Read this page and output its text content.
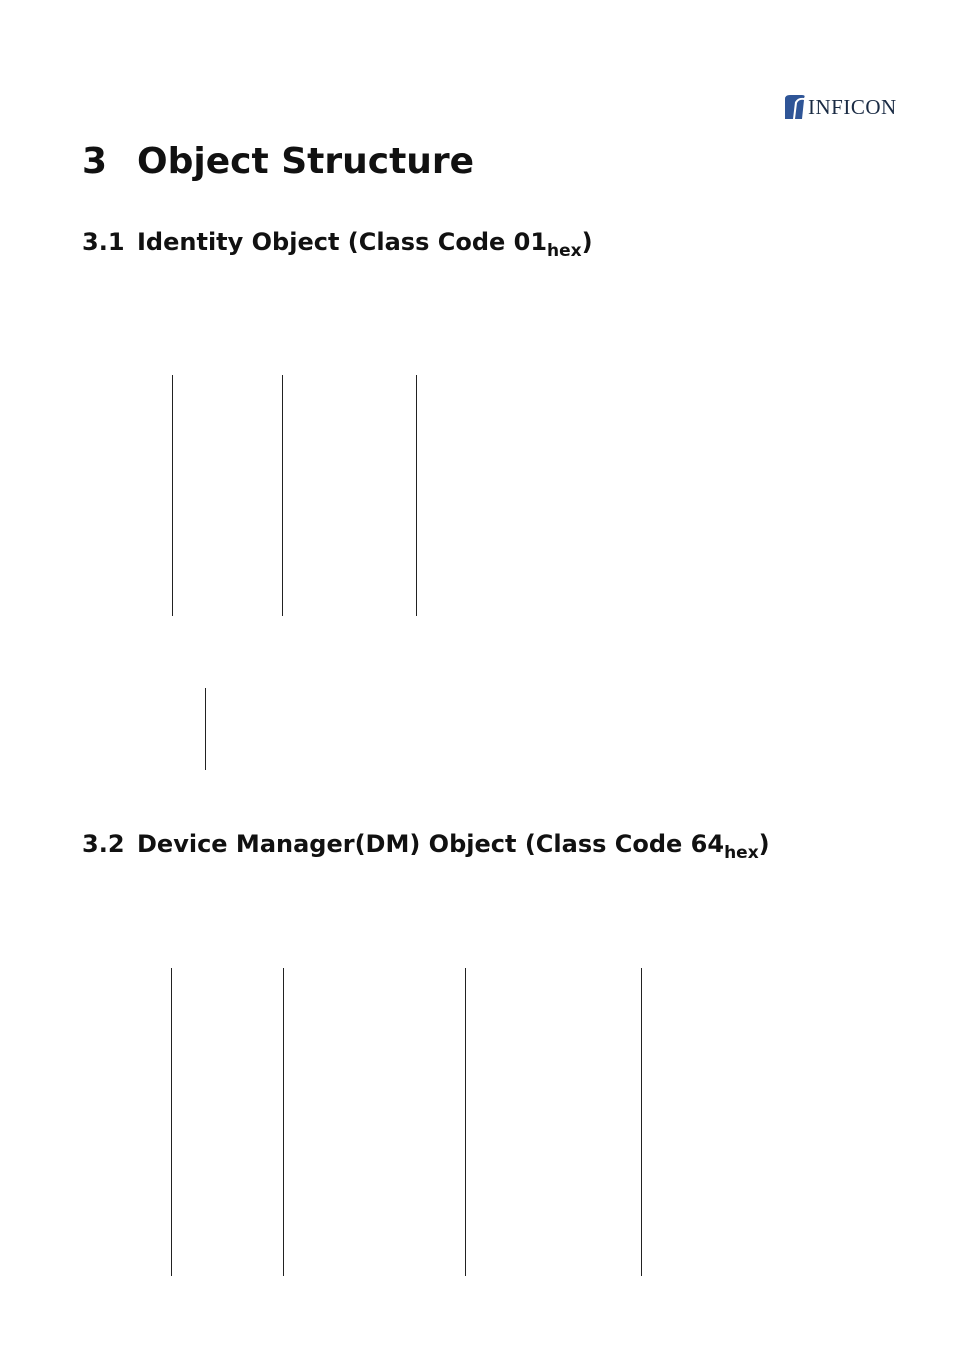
INFICON
3 Object Structure
3.1 Identity Object (Class Code $01_{hex}$)
3.2 Device Manager(DM) Object (Class Code $64_{hex}$)
